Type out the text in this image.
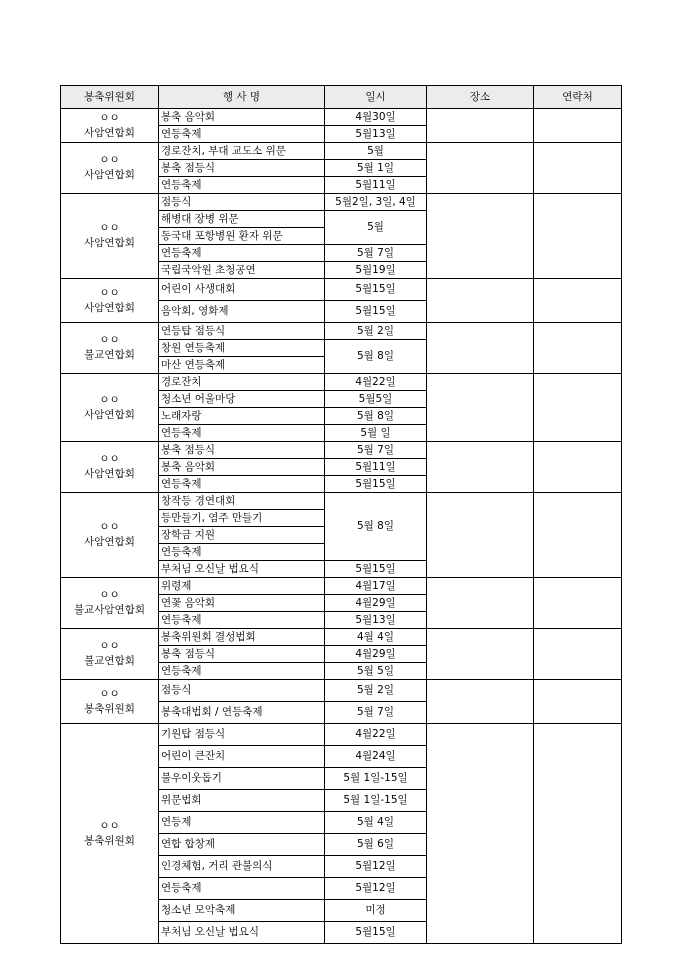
봉축위원회	행 사 명	일시	장소	연락처

ㅇㅇ
사암연합회	봉축 음악회	4월30일		
	연등축제	5월13일		

ㅇㅇ
사암연합회	경로잔치, 부대 교도소 위문	5월		
	봉축 점등식	5월 1일		
	연등축제	5월11일		

ㅇㅇ
사암연합회	점등식	5월2일, 3일, 4일		
	해병대 장병 위문	5월		
	동국대 포항병원 환자 위문			
	연등축제	5월 7일		
	국립국악원 초청공연	5월19일		

ㅇㅇ
사암연합회	어린이 사생대회	5월15일		
	음악회, 영화제	5월15일		

ㅇㅇ
불교연합회	연등탑 점등식	5월 2일		
	창원 연등축제	5월 8일		
	마산 연등축제			

ㅇㅇ
사암연합회	경로잔치	4월22일		
	청소년 어울마당	5월5일		
	노래자랑	5월 8일		
	연등축제	5월 일		

ㅇㅇ
사암연합회	봉축 점등식	5월 7일		
	봉축 음악회	5월11일		
	연등축제	5월15일		

ㅇㅇ
사암연합회	창작등 경연대회	5월 8일		
	등만들기, 염주 만들기			
	장학금 지원			
	연등축제			
	부처님 오신날 법요식	5월15일		

ㅇㅇ
불교사암연합회	위령제	4월17일		
	연꽃 음악회	4월29일		
	연등축제	5월13일		

ㅇㅇ
불교연합회	봉축위원회 결성법회	4월 4일		
	봉축 점등식	4월29일		
	연등축제	5월 5일		

ㅇㅇ
봉축위원회	점등식	5월 2일		
	봉축대법회 / 연등축제	5월 7일		

ㅇㅇ
봉축위원회	기원탑 점등식	4월22일		
	어린이 큰잔치	4월24일		
	불우이웃돕기	5월 1일-15일		
	위문법회	5월 1일-15일		
	연등제	5월 4일		
	연합 합창제	5월 6일		
	인경체험, 거리 관불의식	5월12일		
	연등축제	5월12일		
	청소년 모악축제	미정		
	부처님 오신날 법요식	5월15일		
